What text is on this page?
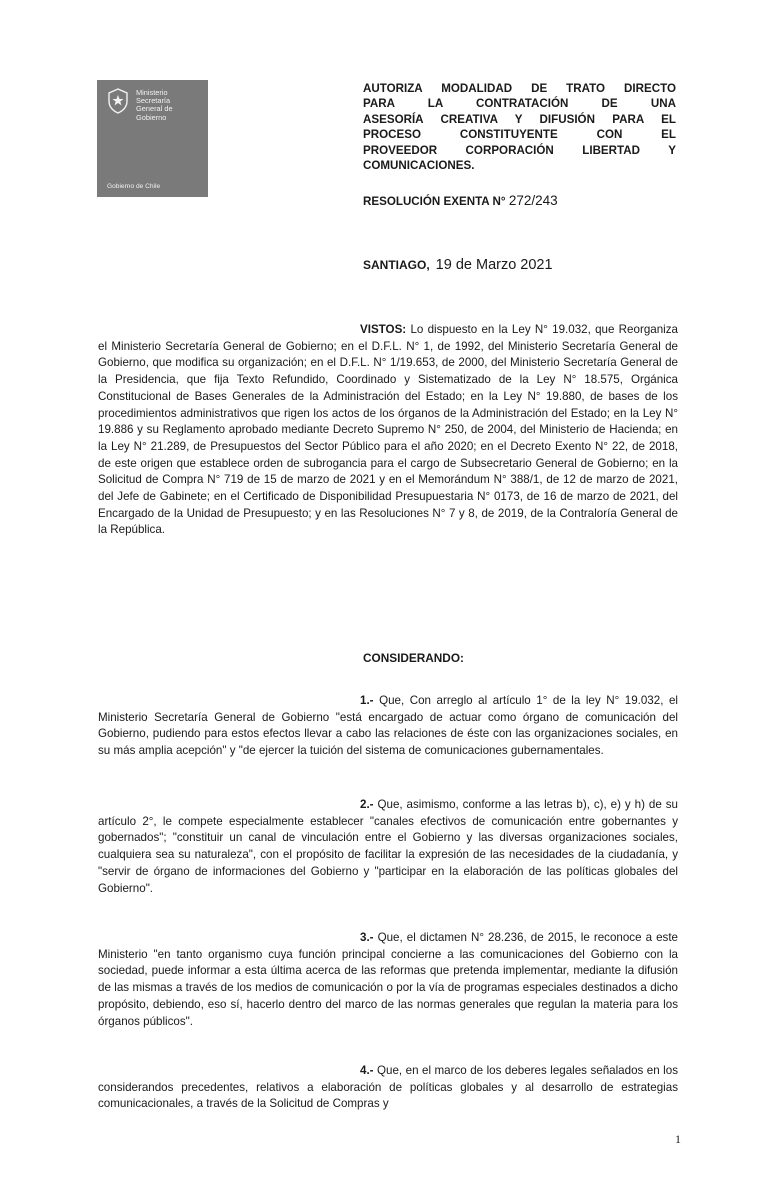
Ministerio
Secretaría
General de
Gobierno

Gobierno de Chile

AUTORIZA MODALIDAD DE TRATO DIRECTO
PARA LA CONTRATACIÓN DE UNA
ASESORÍA CREATIVA Y DIFUSIÓN PARA EL
PROCESO CONSTITUYENTE CON EL
PROVEEDOR CORPORACIÓN LIBERTAD Y
COMUNICACIONES.

RESOLUCIÓN EXENTA N° 272/243

SANTIAGO, 19 de Marzo 2021

VISTOS: Lo dispuesto en la Ley N° 19.032, que Reorganiza el Ministerio Secretaría General de Gobierno; en el D.F.L. N° 1, de 1992, del Ministerio Secretaría General de Gobierno, que modifica su organización; en el D.F.L. N° 1/19.653, de 2000, del Ministerio Secretaría General de la Presidencia, que fija Texto Refundido, Coordinado y Sistematizado de la Ley N° 18.575, Orgánica Constitucional de Bases Generales de la Administración del Estado; en la Ley N° 19.880, de bases de los procedimientos administrativos que rigen los actos de los órganos de la Administración del Estado; en la Ley N° 19.886 y su Reglamento aprobado mediante Decreto Supremo N° 250, de 2004, del Ministerio de Hacienda; en la Ley N° 21.289, de Presupuestos del Sector Público para el año 2020; en el Decreto Exento N° 22, de 2018, de este origen que establece orden de subrogancia para el cargo de Subsecretario General de Gobierno; en la Solicitud de Compra N° 719 de 15 de marzo de 2021 y en el Memorándum N° 388/1, de 12 de marzo de 2021, del Jefe de Gabinete; en el Certificado de Disponibilidad Presupuestaria N° 0173, de 16 de marzo de 2021, del Encargado de la Unidad de Presupuesto; y en las Resoluciones N° 7 y 8, de 2019, de la Contraloría General de la República.

CONSIDERANDO:

1.- Que, Con arreglo al artículo 1° de la ley N° 19.032, el Ministerio Secretaría General de Gobierno "está encargado de actuar como órgano de comunicación del Gobierno, pudiendo para estos efectos llevar a cabo las relaciones de éste con las organizaciones sociales, en su más amplia acepción" y "de ejercer la tuición del sistema de comunicaciones gubernamentales.

2.- Que, asimismo, conforme a las letras b), c), e) y h) de su artículo 2°, le compete especialmente establecer "canales efectivos de comunicación entre gobernantes y gobernados"; "constituir un canal de vinculación entre el Gobierno y las diversas organizaciones sociales, cualquiera sea su naturaleza", con el propósito de facilitar la expresión de las necesidades de la ciudadanía, y "servir de órgano de informaciones del Gobierno y "participar en la elaboración de las políticas globales del Gobierno".

3.- Que, el dictamen N° 28.236, de 2015, le reconoce a este Ministerio "en tanto organismo cuya función principal concierne a las comunicaciones del Gobierno con la sociedad, puede informar a esta última acerca de las reformas que pretenda implementar, mediante la difusión de las mismas a través de los medios de comunicación o por la vía de programas especiales destinados a dicho propósito, debiendo, eso sí, hacerlo dentro del marco de las normas generales que regulan la materia para los órganos públicos".

4.- Que, en el marco de los deberes legales señalados en los considerandos precedentes, relativos a elaboración de políticas globales y al desarrollo de estrategias comunicacionales, a través de la Solicitud de Compras y

1
